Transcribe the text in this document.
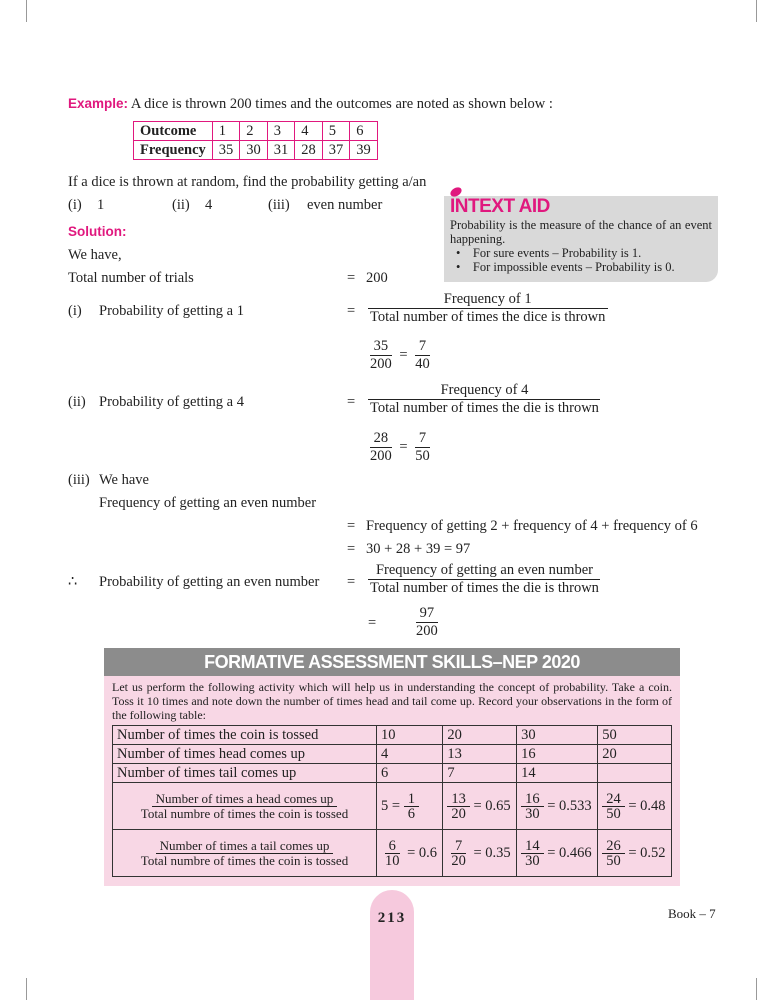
Example: A dice is thrown 200 times and the outcomes are noted as shown below :
Outcome	1	2	3	4	5	6
Frequency	35	30	31	28	37	39
If a dice is thrown at random, find the probability getting a/an
(i) 1	(ii) 4	(iii) even number	INTEXT AID
Probability is the measure of the chance of an event happening.
•    For sure events – Probability is 1.
•    For impossible events – Probability is 0.
Solution:
We have,
Total number of trials	= 200
(i) Probability of getting a 1	=
Frequency of 1
Total number of times the dice is thrown
$\frac{35}{200} = \frac{7}{40}$
(ii) Probability of getting a 4	=
Frequency of 4
Total number of times the die is thrown
$\frac{28}{200} = \frac{7}{50}$
(iii) We have
Frequency of getting an even number
= Frequency of getting 2 + frequency of 4 + frequency of 6
= 30 + 28 + 39 = 97
∴ Probability of getting an even number =
Frequency of getting an even number
Total number of times the die is thrown
= $\frac{97}{200}$
FORMATIVE ASSESSMENT SKILLS–NEP 2020
Let us perform the following activity which will help us in understanding the concept of probability. Take a coin. Toss it 10 times and note down the number of times head and tail come up. Record your observations in the form of the following table:
Number of times the coin is tossed	10	20	30	50
Number of times head comes up	4	13	16	20
Number of times tail comes up	6	7	14	

$\frac{\text{Number of times a head comes up}}{\text{Total numbre of times the coin is tossed}}$	$5 = \frac{1}{6}$	$\frac{13}{20} = 0.65$	$\frac{16}{30} = 0.533$	$\frac{24}{50} = 0.48$

$\frac{\text{Number of times a tail comes up}}{\text{Total numbre of times the coin is tossed}}$	$\frac{6}{10} = 0.6$	$\frac{7}{20} = 0.35$	$\frac{14}{30} = 0.466$	$\frac{26}{50} = 0.52$
213	Book – 7
